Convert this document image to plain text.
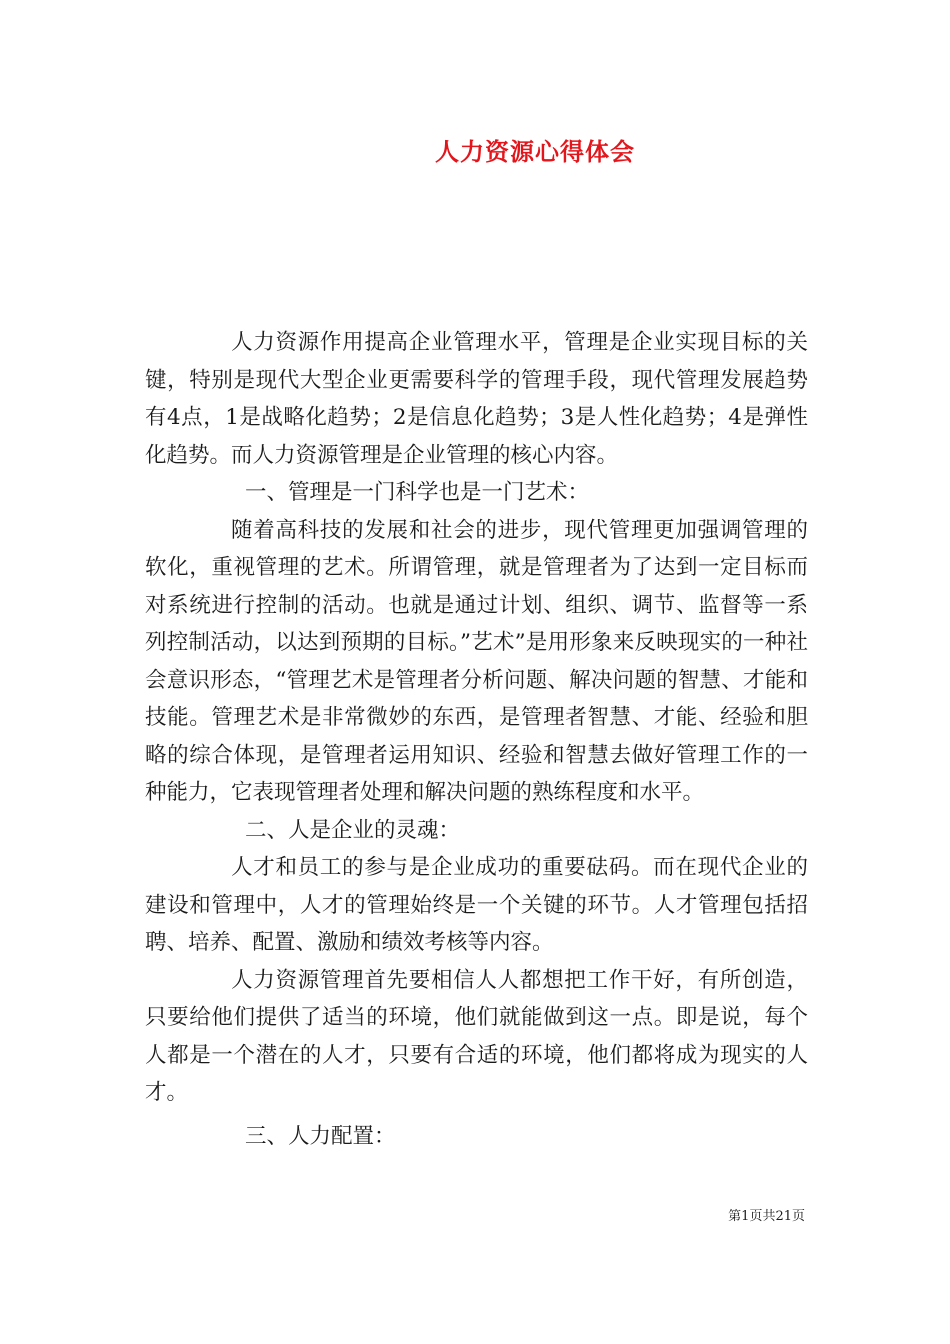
人力资源心得体会

人力资源作用提高企业管理水平，管理是企业实现目标的关键，特别是现代大型企业更需要科学的管理手段，现代管理发展趋势有4点，1是战略化趋势；2是信息化趋势；3是人性化趋势；4是弹性化趋势。而人力资源管理是企业管理的核心内容。

一、管理是一门科学也是一门艺术：

随着高科技的发展和社会的进步，现代管理更加强调管理的软化，重视管理的艺术。所谓管理，就是管理者为了达到一定目标而对系统进行控制的活动。也就是通过计划、组织、调节、监督等一系列控制活动，以达到预期的目标。”艺术”是用形象来反映现实的一种社会意识形态，“管理艺术是管理者分析问题、解决问题的智慧、才能和技能。管理艺术是非常微妙的东西，是管理者智慧、才能、经验和胆略的综合体现，是管理者运用知识、经验和智慧去做好管理工作的一种能力，它表现管理者处理和解决问题的熟练程度和水平。

二、人是企业的灵魂：

人才和员工的参与是企业成功的重要砝码。而在现代企业的建设和管理中，人才的管理始终是一个关键的环节。人才管理包括招聘、培养、配置、激励和绩效考核等内容。

人力资源管理首先要相信人人都想把工作干好，有所创造，只要给他们提供了适当的环境，他们就能做到这一点。即是说，每个人都是一个潜在的人才，只要有合适的环境，他们都将成为现实的人才。

三、人力配置：

第1页共21页
